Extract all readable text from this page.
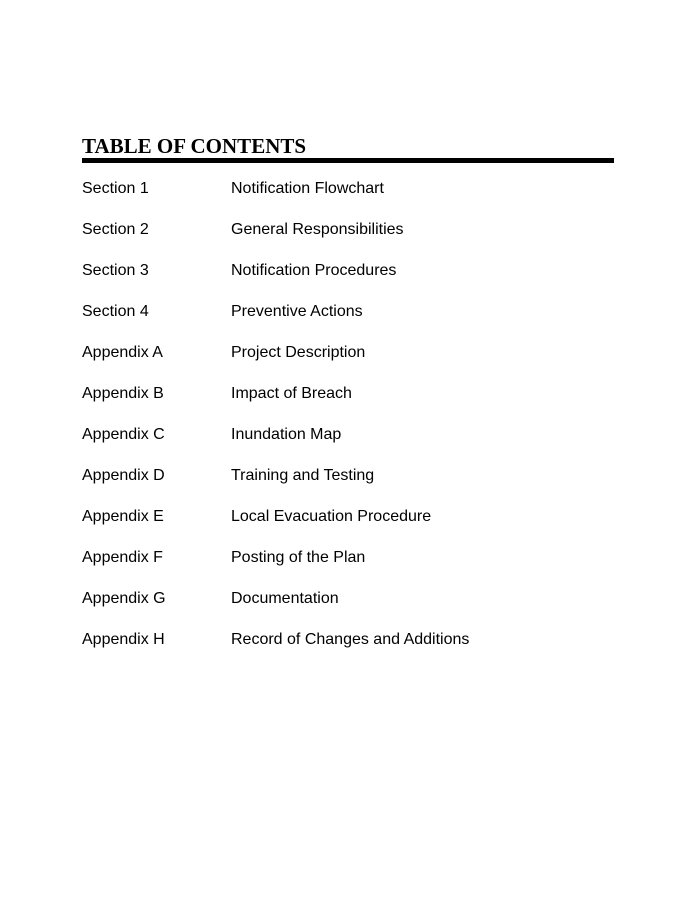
TABLE OF CONTENTS
Section 1	Notification Flowchart
Section 2	General Responsibilities
Section 3	Notification Procedures
Section 4	Preventive Actions
Appendix A	Project Description
Appendix B	Impact of Breach
Appendix C	Inundation Map
Appendix D	Training and Testing
Appendix E	Local Evacuation Procedure
Appendix F	Posting of the Plan
Appendix G	Documentation
Appendix H	Record of Changes and Additions
